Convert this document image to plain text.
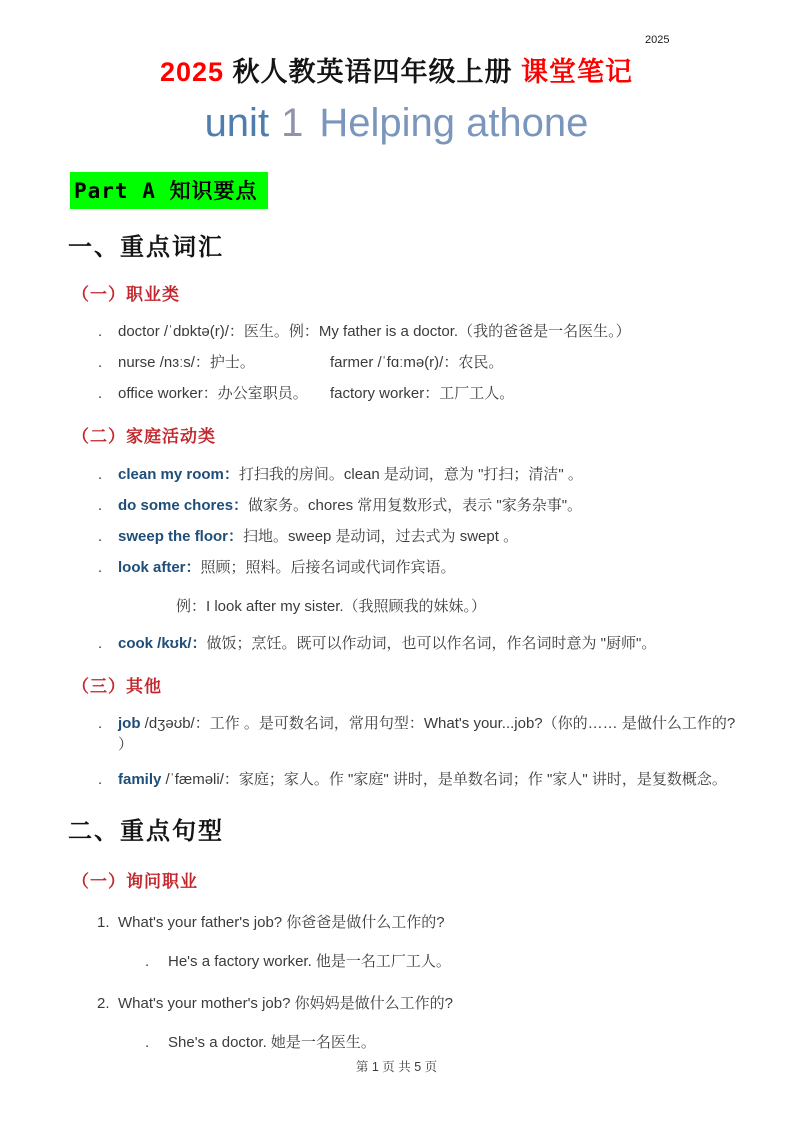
2025
2025 秋人教英语四年级上册 课堂笔记
unit 1 Helping athone
Part A 知识要点
一、重点词汇
（一）职业类
. doctor /ˈdɒktə(r)/：医生。例：My father is a doctor.（我的爸爸是一名医生。）
. nurse /nɜːs/：护士。	farmer /ˈfɑːmə(r)/：农民。
. office worker：办公室职员。 factory worker：工厂工人。
（二）家庭活动类
. clean my room：打扫我的房间。clean 是动词，意为 "打扫；清洁" 。
. do some chores：做家务。chores 常用复数形式，表示 "家务杂事"。
. sweep the floor：扫地。sweep 是动词，过去式为 swept 。
. look after：照顾；照料。后接名词或代词作宾语。
例：I look after my sister.（我照顾我的妹妹。）
. cook /kʊk/：做饭；烹饪。既可以作动词，也可以作名词，作名词时意为 "厨师"。
（三）其他
. job /dʒəʊb/：工作 。是可数名词，常用句型：What's your...job?（你的…… 是做什么工作的? ）
. family /ˈfæməli/：家庭；家人。作 "家庭" 讲时，是单数名词；作 "家人" 讲时，是复数概念。
二、重点句型
（一）询问职业
1. What's your father's job? 你爸爸是做什么工作的?
. He's a factory worker. 他是一名工厂工人。
2. What's your mother's job? 你妈妈是做什么工作的?
. She's a doctor. 她是一名医生。
第 1 页 共 5 页
